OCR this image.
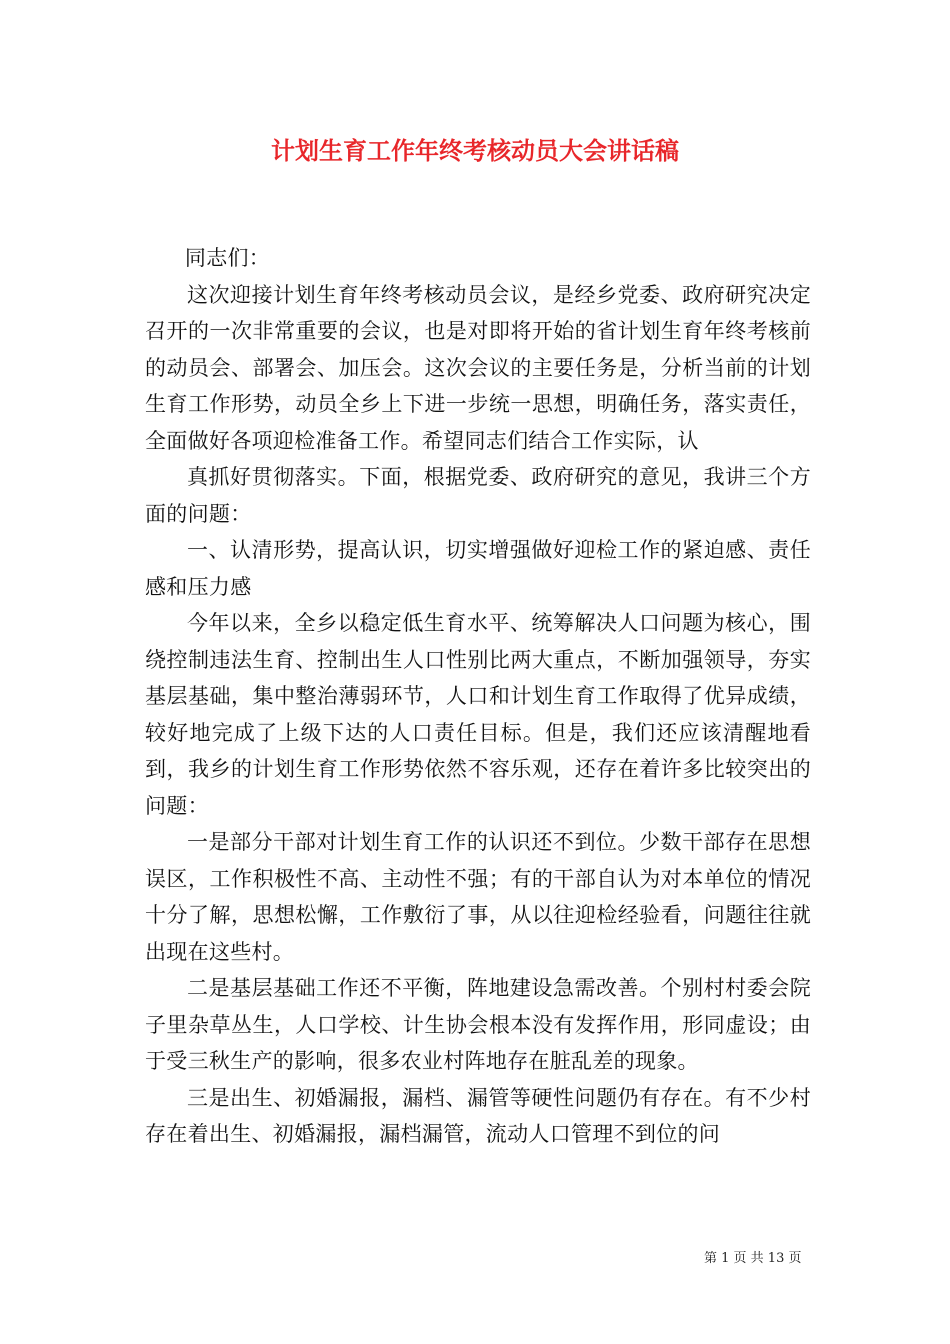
计划生育工作年终考核动员大会讲话稿

同志们：

这次迎接计划生育年终考核动员会议，是经乡党委、政府研究决定召开的一次非常重要的会议，也是对即将开始的省计划生育年终考核前的动员会、部署会、加压会。这次会议的主要任务是，分析当前的计划生育工作形势，动员全乡上下进一步统一思想，明确任务，落实责任，全面做好各项迎检准备工作。希望同志们结合工作实际，认

真抓好贯彻落实。下面，根据党委、政府研究的意见，我讲三个方面的问题：

一、认清形势，提高认识，切实增强做好迎检工作的紧迫感、责任感和压力感

今年以来，全乡以稳定低生育水平、统筹解决人口问题为核心，围绕控制违法生育、控制出生人口性别比两大重点，不断加强领导，夯实基层基础，集中整治薄弱环节，人口和计划生育工作取得了优异成绩，较好地完成了上级下达的人口责任目标。但是，我们还应该清醒地看到，我乡的计划生育工作形势依然不容乐观，还存在着许多比较突出的问题：

一是部分干部对计划生育工作的认识还不到位。少数干部存在思想误区，工作积极性不高、主动性不强；有的干部自认为对本单位的情况十分了解，思想松懈，工作敷衍了事，从以往迎检经验看，问题往往就出现在这些村。

二是基层基础工作还不平衡，阵地建设急需改善。个别村村委会院子里杂草丛生，人口学校、计生协会根本没有发挥作用，形同虚设；由于受三秋生产的影响，很多农业村阵地存在脏乱差的现象。

三是出生、初婚漏报，漏档、漏管等硬性问题仍有存在。有不少村存在着出生、初婚漏报，漏档漏管，流动人口管理不到位的问

第 1 页 共 13 页
